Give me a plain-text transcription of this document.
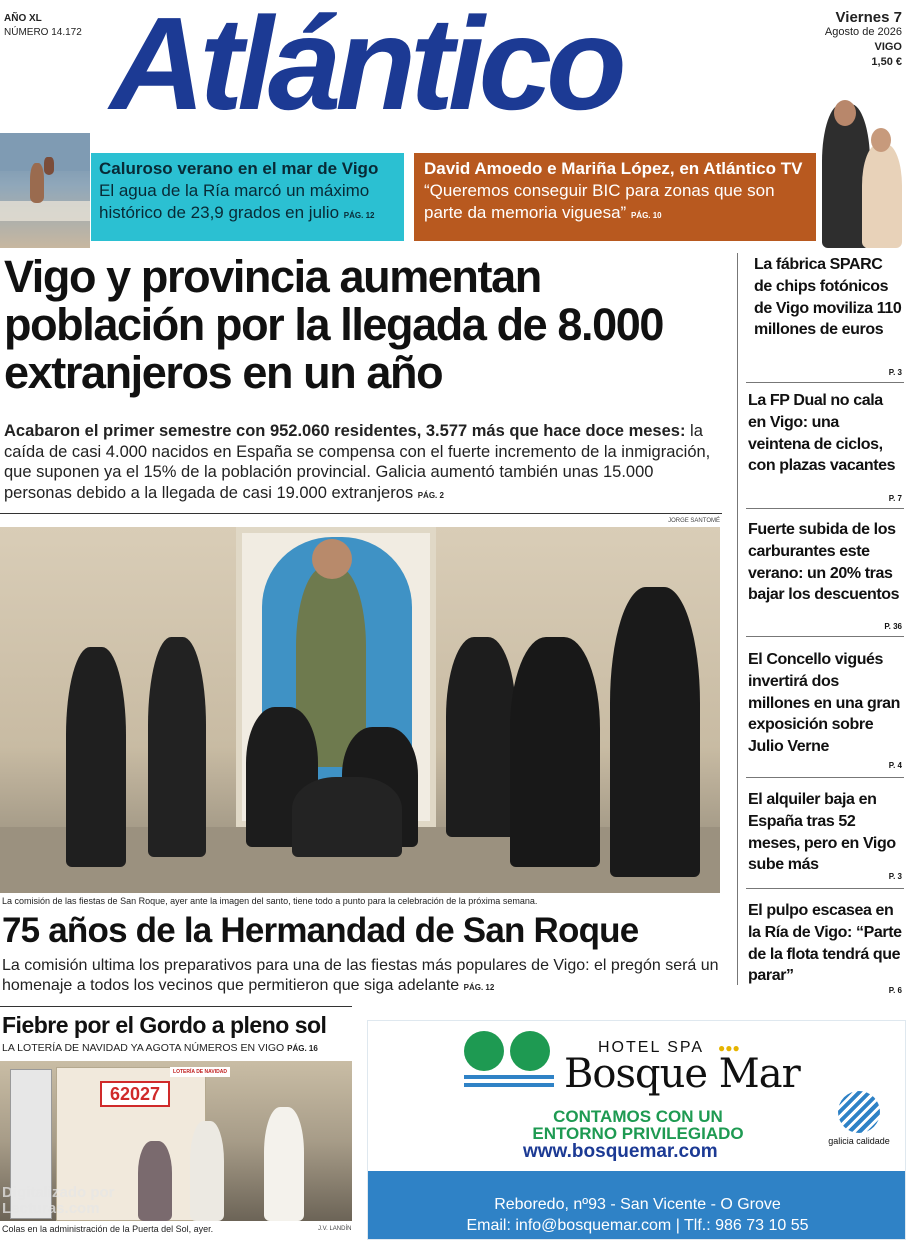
AÑO XL
NÚMERO 14.172 Atlántico	Viernes 7
Agosto de 2026
VIGO
1,50 €
Caluroso verano en el mar de Vigo
El agua de la Ría marcó un máximo histórico de 23,9 grados en julio PÁG. 12
David Amoedo e Mariña López, en Atlántico TV
“Queremos conseguir BIC para zonas que son parte da memoria viguesa” PÁG. 10
Vigo y provincia aumentan población por la llegada de 8.000 extranjeros en un año
Acabaron el primer semestre con 952.060 residentes, 3.577 más que hace doce meses: la caída de casi 4.000 nacidos en España se compensa con el fuerte incremento de la inmigración, que suponen ya el 15% de la población provincial. Galicia aumentó también unas 15.000 personas debido a la llegada de casi 19.000 extranjeros PÁG. 2
JORGE SANTOMÉ
La comisión de las fiestas de San Roque, ayer ante la imagen del santo, tiene todo a punto para la celebración de la próxima semana.
75 años de la Hermandad de San Roque
La comisión ultima los preparativos para una de las fiestas más populares de Vigo: el pregón será un homenaje a todos los vecinos que permitieron que siga adelante PÁG. 12
Fiebre por el Gordo a pleno sol
LA LOTERÍA DE NAVIDAD YA AGOTA NÚMEROS EN VIGO PÁG. 16
62027
LOTERÍA DE NAVIDAD
Digitalizado por Lecturas.com
Colas en la administración de la Puerta del Sol, ayer.	J.V. LANDÍN
La fábrica SPARC de chips fotónicos de Vigo moviliza 110 millones de euros
P. 3
La FP Dual no cala en Vigo: una veintena de ciclos, con plazas vacantes
P. 7
Fuerte subida de los carburantes este verano: un 20% tras bajar los descuentos
P. 36
El Concello vigués invertirá dos millones en una gran exposición sobre Julio Verne
P. 4
El alquiler baja en España tras 52 meses, pero en Vigo sube más
P. 3
El pulpo escasea en la Ría de Vigo: “Parte de la flota tendrá que parar”
P. 6
HOTEL SPA ●●●
Bosque Mar
CONTAMOS CON UN
ENTORNO PRIVILEGIADO
www.bosquemar.com	galicia calidade
Reboredo, nº93 - San Vicente - O Grove
Email: info@bosquemar.com | Tlf.: 986 73 10 55
